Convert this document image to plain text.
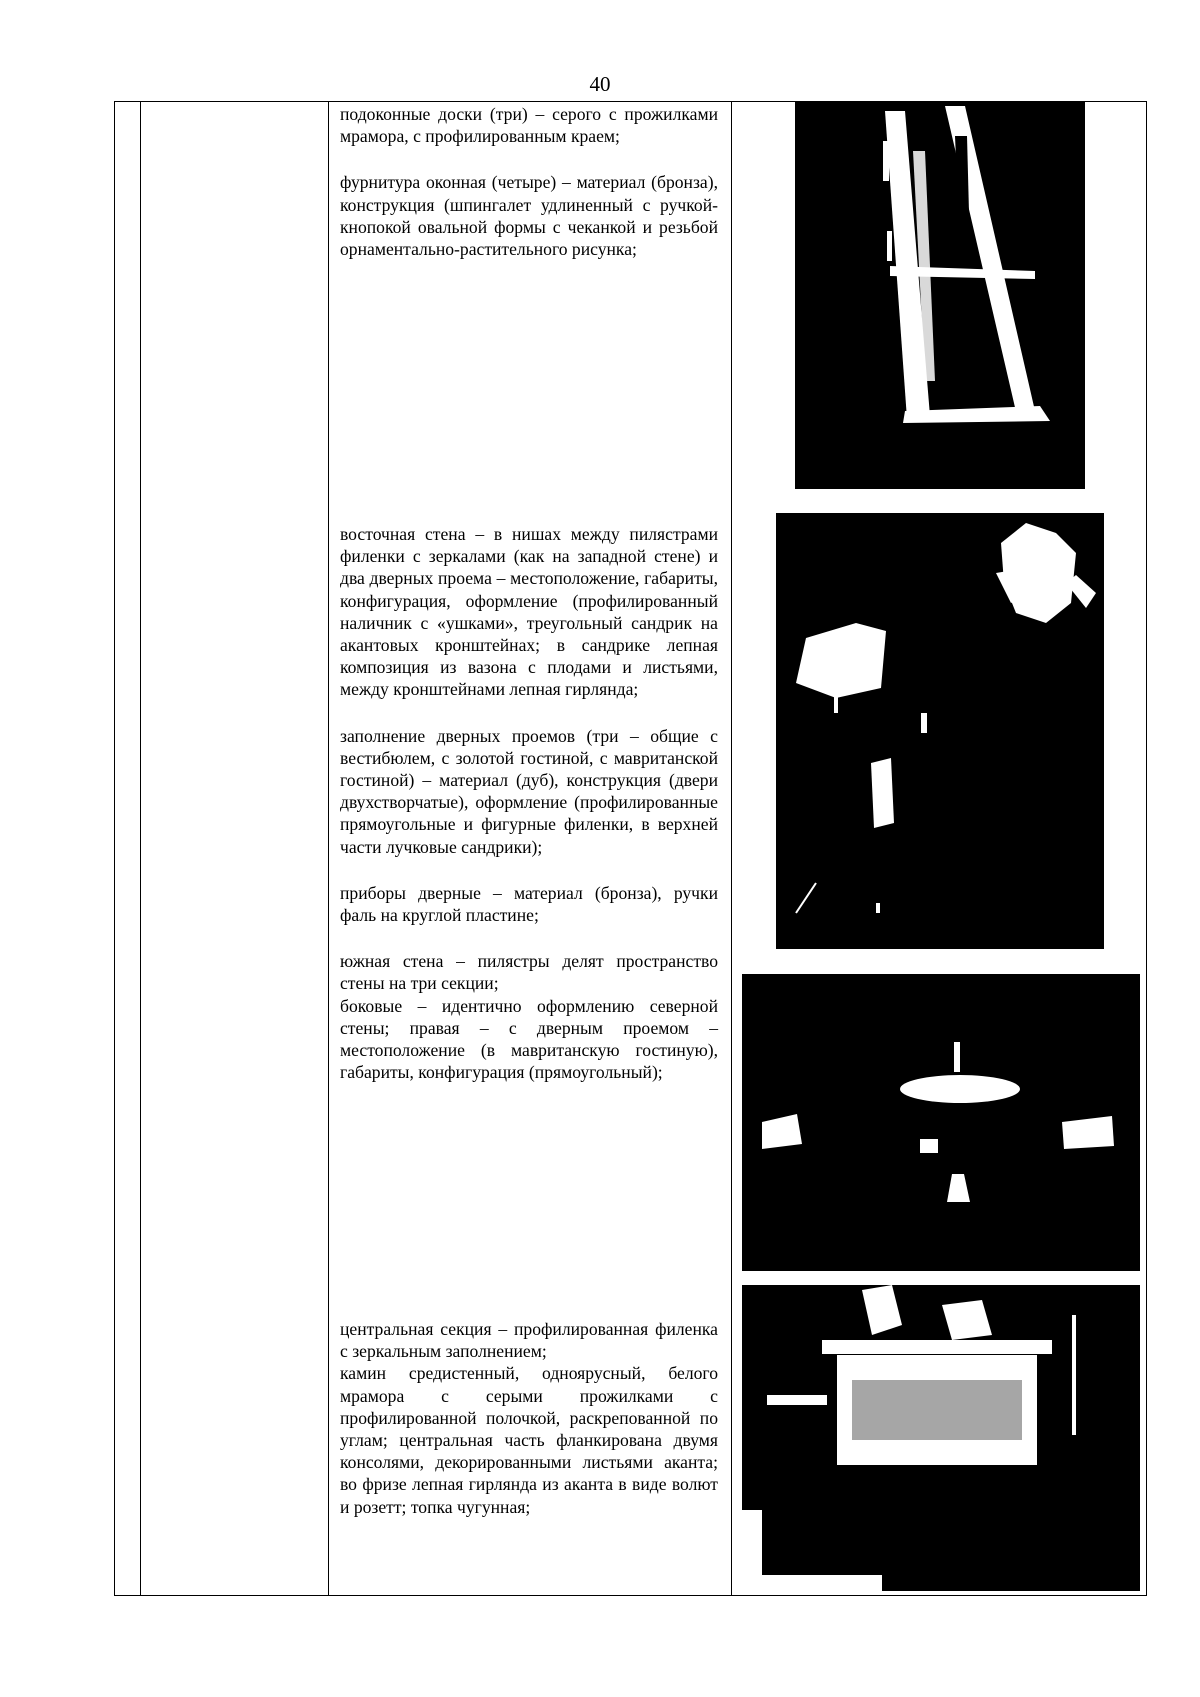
40

подоконные доски (три) – серого с прожилками мрамора, с профилированным краем;

фурнитура оконная (четыре) – материал (бронза), конструкция (шпингалет удлиненный с ручкой-кнопокой овальной формы с чеканкой и резьбой орнаментально-растительного рисунка;

восточная стена – в нишах между пилястрами филенки с зеркалами (как на западной стене) и два дверных проема – местоположение, габариты, конфигурация, оформление (профилированный наличник с «ушками», треугольный сандрик на акантовых кронштейнах; в сандрике лепная композиция из вазона с плодами и листьями, между кронштейнами лепная гирлянда;

заполнение дверных проемов (три – общие с вестибюлем, с золотой гостиной, с мавританской гостиной) – материал (дуб), конструкция (двери двухстворчатые), оформление (профилированные прямоугольные и фигурные филенки, в верхней части лучковые сандрики);

приборы дверные – материал (бронза), ручки фаль на круглой пластине;

южная стена – пилястры делят пространство стены на три секции;
боковые – идентично оформлению северной стены; правая – с дверным проемом – местоположение (в мавританскую гостиную), габариты, конфигурация (прямоугольный);

центральная секция – профилированная филенка с зеркальным заполнением;
камин средистенный, одноярусный, белого мрамора с серыми прожилками с профилированной полочкой, раскрепованной по углам; центральная часть фланкирована двумя консолями, декорированными листьями аканта; во фризе лепная гирлянда из аканта в виде волют и розетт; топка чугунная;
